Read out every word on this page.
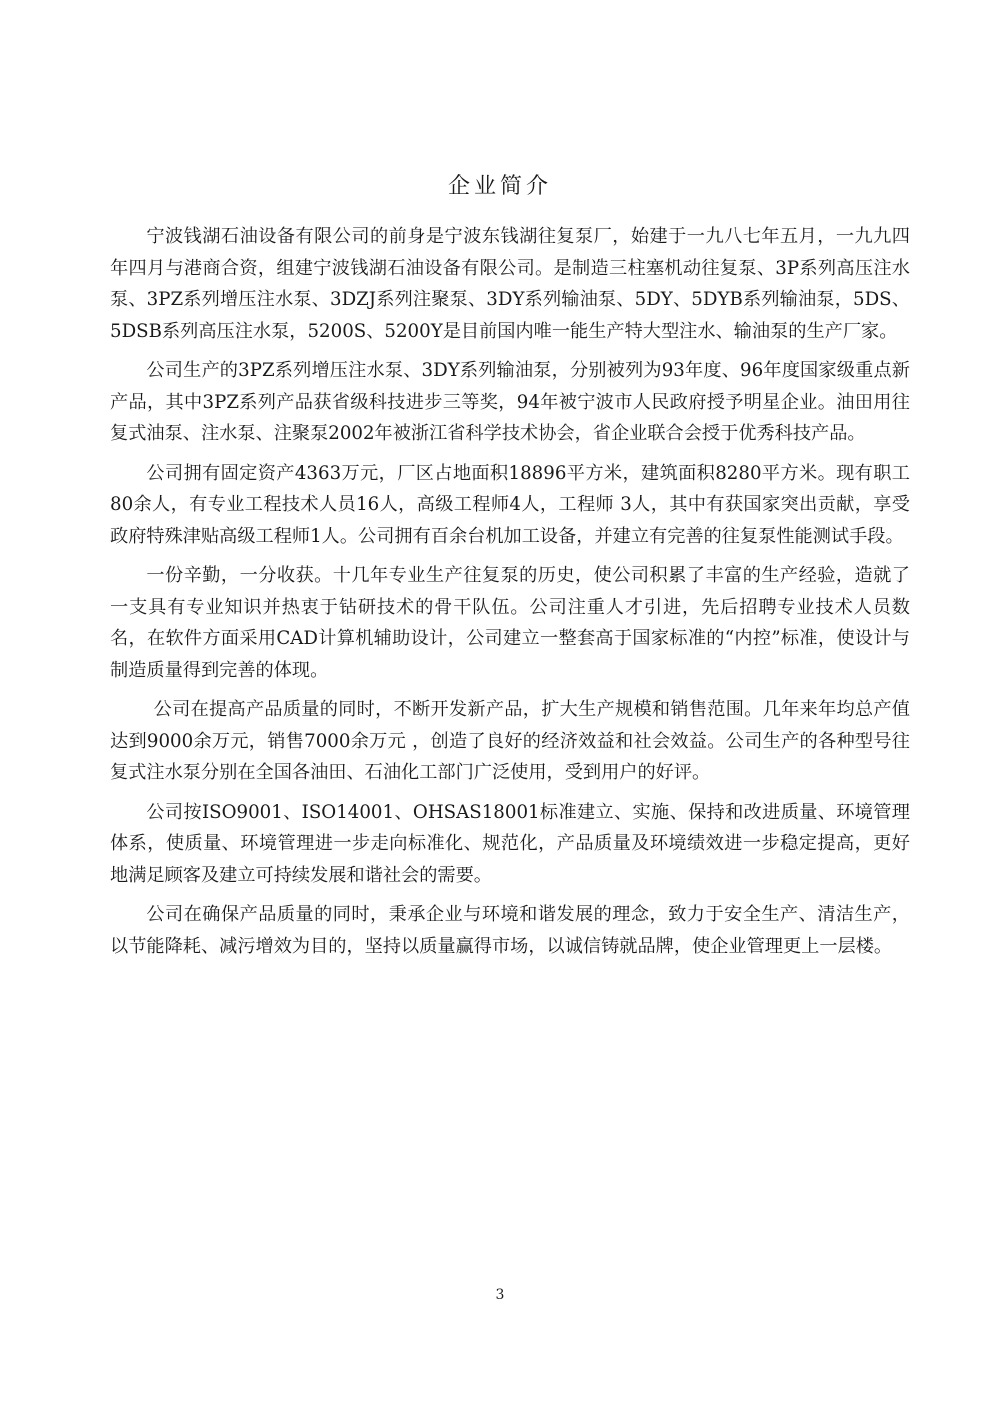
企业简介

宁波钱湖石油设备有限公司的前身是宁波东钱湖往复泵厂，始建于一九八七年五月，一九九四年四月与港商合资，组建宁波钱湖石油设备有限公司。是制造三柱塞机动往复泵、3P系列高压注水泵、3PZ系列增压注水泵、3DZJ系列注聚泵、3DY系列输油泵、5DY、5DYB系列输油泵，5DS、5DSB系列高压注水泵，5200S、5200Y是目前国内唯一能生产特大型注水、输油泵的生产厂家。

公司生产的3PZ系列增压注水泵、3DY系列输油泵，分别被列为93年度、96年度国家级重点新产品，其中3PZ系列产品获省级科技进步三等奖，94年被宁波市人民政府授予明星企业。油田用往复式油泵、注水泵、注聚泵2002年被浙江省科学技术协会，省企业联合会授于优秀科技产品。

公司拥有固定资产4363万元，厂区占地面积18896平方米，建筑面积8280平方米。现有职工80余人，有专业工程技术人员16人，高级工程师4人，工程师 3人，其中有获国家突出贡献，享受政府特殊津贴高级工程师1人。公司拥有百余台机加工设备，并建立有完善的往复泵性能测试手段。

一份辛勤，一分收获。十几年专业生产往复泵的历史，使公司积累了丰富的生产经验，造就了一支具有专业知识并热衷于钻研技术的骨干队伍。公司注重人才引进，先后招聘专业技术人员数名，在软件方面采用CAD计算机辅助设计，公司建立一整套高于国家标准的“内控”标准，使设计与制造质量得到完善的体现。

公司在提高产品质量的同时，不断开发新产品，扩大生产规模和销售范围。几年来年均总产值达到9000余万元，销售7000余万元 ，创造了良好的经济效益和社会效益。公司生产的各种型号往复式注水泵分别在全国各油田、石油化工部门广泛使用，受到用户的好评。

公司按ISO9001、ISO14001、OHSAS18001标准建立、实施、保持和改进质量、环境管理体系，使质量、环境管理进一步走向标准化、规范化，产品质量及环境绩效进一步稳定提高，更好地满足顾客及建立可持续发展和谐社会的需要。

公司在确保产品质量的同时，秉承企业与环境和谐发展的理念，致力于安全生产、清洁生产，以节能降耗、减污增效为目的，坚持以质量赢得市场，以诚信铸就品牌，使企业管理更上一层楼。

3
